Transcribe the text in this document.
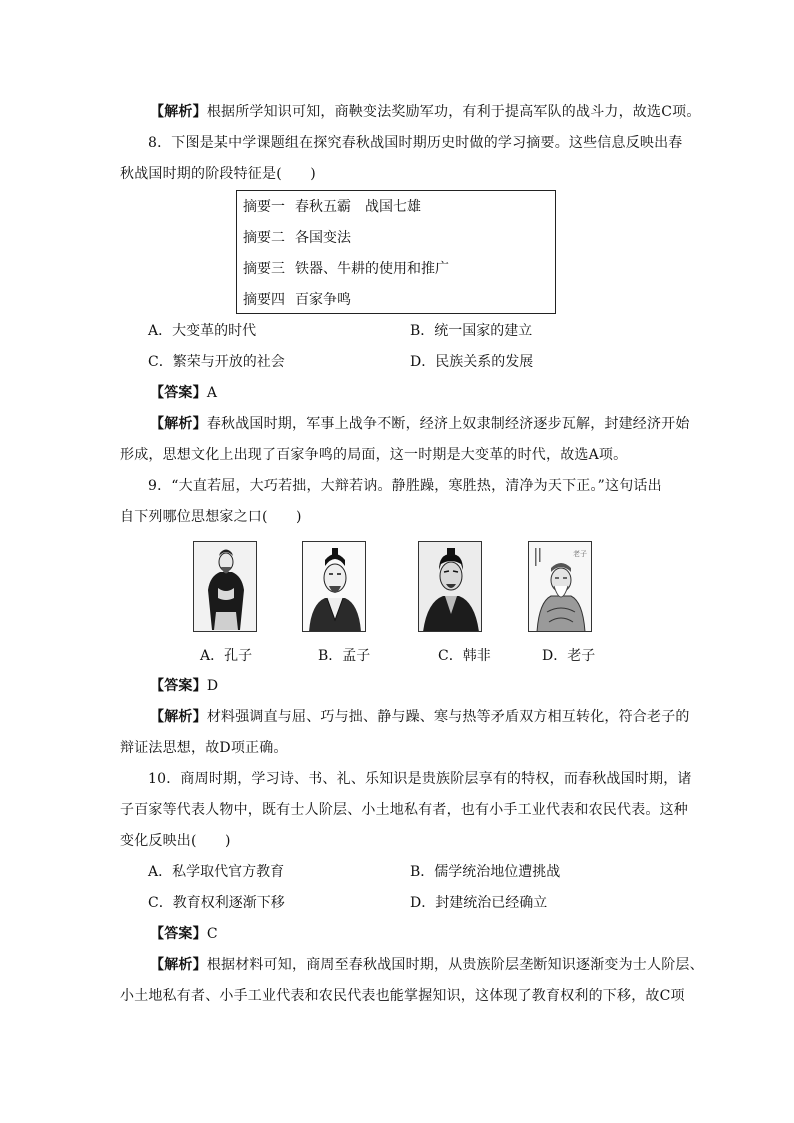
【解析】根据所学知识可知，商鞅变法奖励军功，有利于提高军队的战斗力，故选C项。
8．下图是某中学课题组在探究春秋战国时期历史时做的学习摘要。这些信息反映出春
秋战国时期的阶段特征是(　　)
摘要一 春秋五霸　战国七雄
摘要二 各国变法
摘要三 铁器、牛耕的使用和推广
摘要四 百家争鸣
A．大变革的时代	B．统一国家的建立
C．繁荣与开放的社会	D．民族关系的发展
【答案】A
【解析】春秋战国时期，军事上战争不断，经济上奴隶制经济逐步瓦解，封建经济开始
形成，思想文化上出现了百家争鸣的局面，这一时期是大变革的时代，故选A项。
9．“大直若屈，大巧若拙，大辩若讷。静胜躁，寒胜热，清净为天下正。”这句话出
自下列哪位思想家之口(　　)
老子
A．孔子	B．孟子	C．韩非	D．老子
【答案】D
【解析】材料强调直与屈、巧与拙、静与躁、寒与热等矛盾双方相互转化，符合老子的
辩证法思想，故D项正确。
10．商周时期，学习诗、书、礼、乐知识是贵族阶层享有的特权，而春秋战国时期，诸
子百家等代表人物中，既有士人阶层、小土地私有者，也有小手工业代表和农民代表。这种
变化反映出(　　)
A．私学取代官方教育	B．儒学统治地位遭挑战
C．教育权利逐渐下移	D．封建统治已经确立
【答案】C
【解析】根据材料可知，商周至春秋战国时期，从贵族阶层垄断知识逐渐变为士人阶层、
小土地私有者、小手工业代表和农民代表也能掌握知识，这体现了教育权利的下移，故C项
